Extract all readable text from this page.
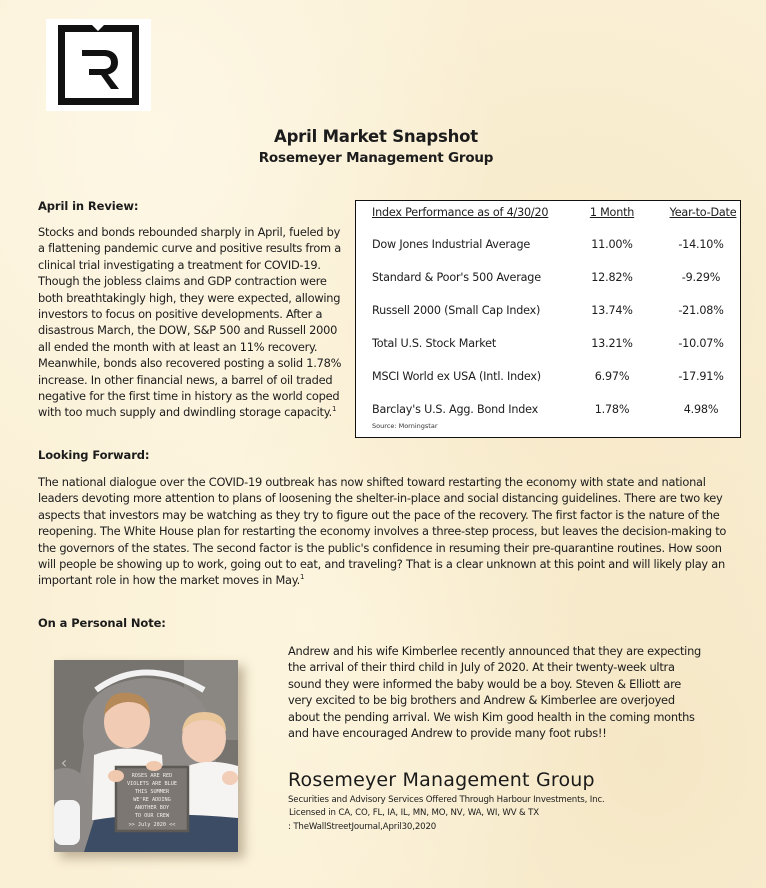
April Market Snapshot
Rosemeyer Management Group
April in Review:
Stocks and bonds rebounded sharply in April, fueled by a flattening pandemic curve and positive results from a clinical trial investigating a treatment for COVID-19. Though the jobless claims and GDP contraction were both breathtakingly high, they were expected, allowing investors to focus on positive developments. After a disastrous March, the DOW, S&P 500 and Russell 2000 all ended the month with at least an 11% recovery. Meanwhile, bonds also recovered posting a solid 1.78% increase. In other financial news, a barrel of oil traded negative for the first time in history as the world coped with too much supply and dwindling storage capacity.$^1$
Index Performance as of 4/30/20	1 Month	Year-to-Date
Dow Jones Industrial Average	11.00%	-14.10%
Standard & Poor's 500 Average	12.82%	-9.29%
Russell 2000 (Small Cap Index)	13.74%	-21.08%
Total U.S. Stock Market	13.21%	-10.07%
MSCI World ex USA (Intl. Index)	6.97%	-17.91%
Barclay's U.S. Agg. Bond Index	1.78%	4.98%
Source: Morningstar
Looking Forward:
The national dialogue over the COVID-19 outbreak has now shifted toward restarting the economy with state and national leaders devoting more attention to plans of loosening the shelter-in-place and social distancing guidelines. There are two key aspects that investors may be watching as they try to figure out the pace of the recovery. The first factor is the nature of the reopening. The White House plan for restarting the economy involves a three-step process, but leaves the decision-making to the governors of the states. The second factor is the public's confidence in resuming their pre-quarantine routines. How soon will people be showing up to work, going out to eat, and traveling? That is a clear unknown at this point and will likely play an important role in how the market moves in May.$^1$
On a Personal Note:
ROSES ARE RED
VIOLETS ARE BLUE
THIS SUMMER
WE'RE ADDING
ANOTHER BOY
TO OUR CREW
>> July 2020 <<
‹
Andrew and his wife Kimberlee recently announced that they are expecting the arrival of their third child in July of 2020. At their twenty-week ultra sound they were informed the baby would be a boy. Steven & Elliott are very excited to be big brothers and Andrew & Kimberlee are overjoyed about the pending arrival. We wish Kim good health in the coming months and have encouraged Andrew to provide many foot rubs!!
Rosemeyer Management Group
Securities and Advisory Services Offered Through Harbour Investments, Inc.
Licensed in CA, CO, FL, IA, IL, MN, MO, NV, WA, WI, WV & TX
: TheWallStreetJournal,April30,2020
